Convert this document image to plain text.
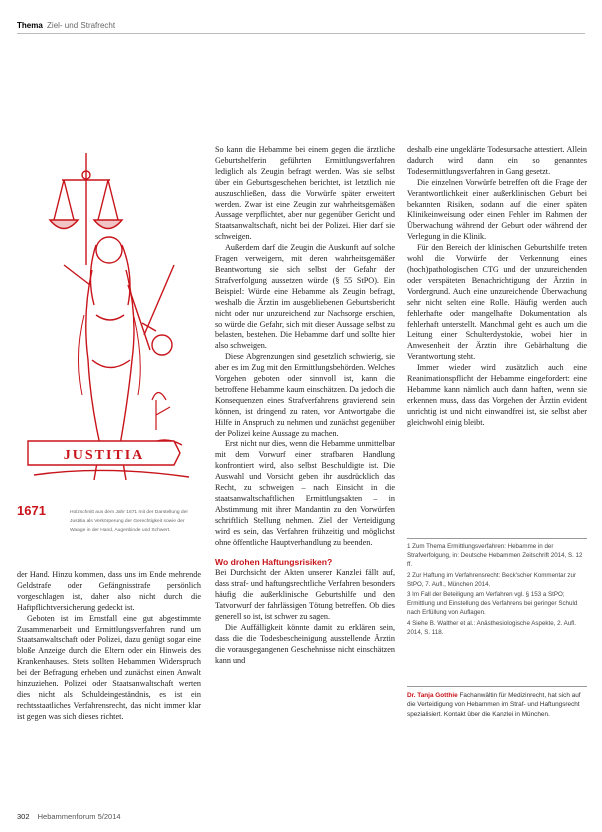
Thema Ziel- und Strafrecht
JUSTITIA
1671	Holzschnitt aus dem Jahr 1671 mit der Darstellung der Justitia als Verkörperung der Gerechtigkeit sowie der Waage in der Hand, Augenbinde und Schwert.

der Hand. Hinzu kommen, dass uns im Ende mehrende Geldstrafe oder Gefängnisstrafe persönlich vorgeschlagen ist, daher also nicht durch die Haftpflichtversicherung gedeckt ist.

Geboten ist im Ernstfall eine gut abgestimmte Zusammenarbeit und Ermittlungsverfahren rund um Staatsanwaltschaft oder Polizei, dazu genügt sogar eine bloße Anzeige durch die Eltern oder ein Hinweis des Krankenhauses. Stets sollten Hebammen Widerspruch bei der Befragung erheben und zunächst einen Anwalt hinzuziehen. Polizei oder Staatsanwaltschaft werten dies nicht als Schuldeingeständnis, es ist ein rechtsstaatliches Verfahrensrecht, das nicht immer klar ist gegen was sich dieses richtet.

So kann die Hebamme bei einem gegen die ärztliche Geburtshelferin geführten Ermittlungsverfahren lediglich als Zeugin befragt werden. Was sie selbst über ein Geburtsgeschehen berichtet, ist letztlich nie auszuschließen, dass die Vorwürfe später erweitert werden. Zwar ist eine Zeugin zur wahrheitsgemäßen Aussage verpflichtet, aber nur gegenüber Gericht und Staatsanwaltschaft, nicht bei der Polizei. Hier darf sie schweigen.

Außerdem darf die Zeugin die Auskunft auf solche Fragen verweigern, mit deren wahrheitsgemäßer Beantwortung sie sich selbst der Gefahr der Strafverfolgung aussetzen würde (§ 55 StPO). Ein Beispiel: Würde eine Hebamme als Zeugin befragt, weshalb die Ärztin im ausgebliebenen Geburtsbericht nicht oder nur unzureichend zur Nachsorge erschien, so würde die Gefahr, sich mit dieser Aussage selbst zu belasten, bestehen. Die Hebamme darf und sollte hier also schweigen.

Diese Abgrenzungen sind gesetzlich schwierig, sie aber es im Zug mit den Ermittlungsbehörden. Welches Vorgehen geboten oder sinnvoll ist, kann die betroffene Hebamme kaum einschätzen. Da jedoch die Konsequenzen eines Strafverfahrens gravierend sein können, ist dringend zu raten, vor Antwortgabe die Hilfe in Anspruch zu nehmen und zunächst gegenüber der Polizei keine Aussage zu machen.

Erst nicht nur dies, wenn die Hebamme unmittelbar mit dem Vorwurf einer strafbaren Handlung konfrontiert wird, also selbst Beschuldigte ist. Die Auswahl und Vorsicht geben ihr ausdrücklich das Recht, zu schweigen – nach Einsicht in die staatsanwaltschaftlichen Ermittlungsakten – in Abstimmung mit ihrer Mandantin zu den Vorwürfen schriftlich Stellung nehmen. Ziel der Verteidigung wird es sein, das Verfahren frühzeitig und möglichst ohne öffentliche Hauptverhandlung zu beenden.

Wo drohen Haftungsrisiken?

Bei Durchsicht der Akten unserer Kanzlei fällt auf, dass straf- und haftungsrechtliche Verfahren besonders häufig die außerklinische Geburtshilfe und den Tatvorwurf der fahrlässigen Tötung betreffen. Ob dies generell so ist, ist schwer zu sagen.

Die Auffälligkeit könnte damit zu erklären sein, dass die die Todesbescheinigung ausstellende Ärztin die vorausgegangenen Geschehnisse nicht einschätzen kann und

deshalb eine ungeklärte Todesursache attestiert. Allein dadurch wird dann ein so genanntes Todesermittlungsverfahren in Gang gesetzt.

Die einzelnen Vorwürfe betreffen oft die Frage der Verantwortlichkeit einer außerklinischen Geburt bei bekannten Risiken, sodann auf die einer späten Klinikeinweisung oder einen Fehler im Rahmen der Überwachung während der Geburt oder während der Verlegung in die Klinik.

Für den Bereich der klinischen Geburtshilfe treten wohl die Vorwürfe der Verkennung eines (hoch)pathologischen CTG und der unzureichenden oder verspäteten Benachrichtigung der Ärztin in Vordergrund. Auch eine unzureichende Überwachung sehr nicht selten eine Rolle. Häufig werden auch fehlerhafte oder mangelhafte Dokumentation als fehlerhaft unterstellt. Manchmal geht es auch um die Leitung einer Schulterdystokie, wobei hier in Anwesenheit der Ärztin ihre Gebärhaltung die Verantwortung steht.

Immer wieder wird zusätzlich auch eine Reanimationspflicht der Hebamme eingefordert: eine Hebamme kann nämlich auch dann haften, wenn sie erkennen muss, dass das Vorgehen der Ärztin evident unrichtig ist und nicht einwandfrei ist, sie selbst aber gleichwohl einig bleibt.

1 Zum Thema Ermittlungsverfahren: Hebamme in der Strafverfolgung, in: Deutsche Hebammen Zeitschrift 2014, S. 12 ff.
2 Zur Haftung im Verfahrensrecht: Beck'scher Kommentar zur StPO, 7. Aufl., München 2014.
3 Im Fall der Beteiligung am Verfahren vgl. § 153 a StPO; Ermittlung und Einstellung des Verfahrens bei geringer Schuld nach Erfüllung von Auflagen.
4 Siehe B. Walther et al.: Anästhesiologische Aspekte, 2. Aufl. 2014, S. 118.
Dr. Tanja Gotthie Fachanwältin für Medizinrecht, hat sich auf die Verteidigung von Hebammen im Straf- und Haftungsrecht spezialisiert. Kontakt über die Kanzlei in München.
302 Hebammenforum 5/2014
